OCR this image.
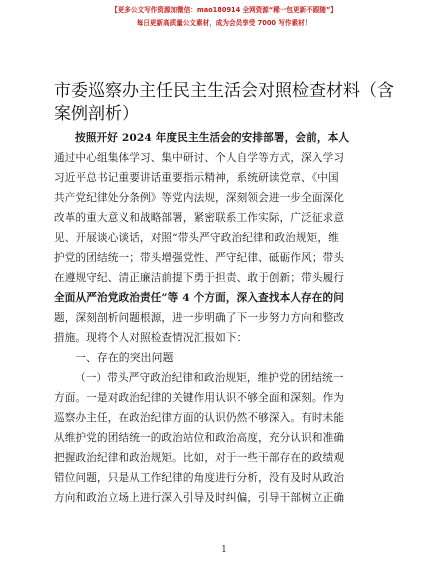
【更多公文写作资源加微信：mao180914 全网资源“稀一包更新不跟随”】
每日更新高质量公文素材，成为会员享受 7000 写作素材！
市委巡察办主任民主生活会对照检查材料（含
案例剖析）

按照开好 2024 年度民主生活会的安排部署，会前，本人
通过中心组集体学习、集中研讨、个人自学等方式，深入学习
习近平总书记重要讲话重要指示精神，系统研读党章、《中国
共产党纪律处分条例》等党内法规，深刻领会进一步全面深化
改革的重大意义和战略部署，紧密联系工作实际，广泛征求意
见、开展谈心谈话，对照“带头严守政治纪律和政治规矩，维
护党的团结统一；带头增强党性、严守纪律、砥砺作风；带头
在遵规守纪、清正廉洁前提下勇于担责、敢于创新；带头履行
全面从严治党政治责任”等 4 个方面，深入查找本人存在的问
题，深刻剖析问题根源，进一步明确了下一步努力方向和整改
措施。现将个人对照检查情况汇报如下：

一、存在的突出问题

（一）带头严守政治纪律和政治规矩，维护党的团结统一
方面。一是对政治纪律的关键作用认识不够全面和深刻。作为
巡察办主任，在政治纪律方面的认识仍然不够深入。有时未能
从维护党的团结统一的政治站位和政治高度，充分认识和准确
把握政治纪律和政治规矩。比如，对于一些干部存在的政绩观
错位问题，只是从工作纪律的角度进行分析，没有及时从政治
方向和政治立场上进行深入引导及时纠偏，引导干部树立正确

1
